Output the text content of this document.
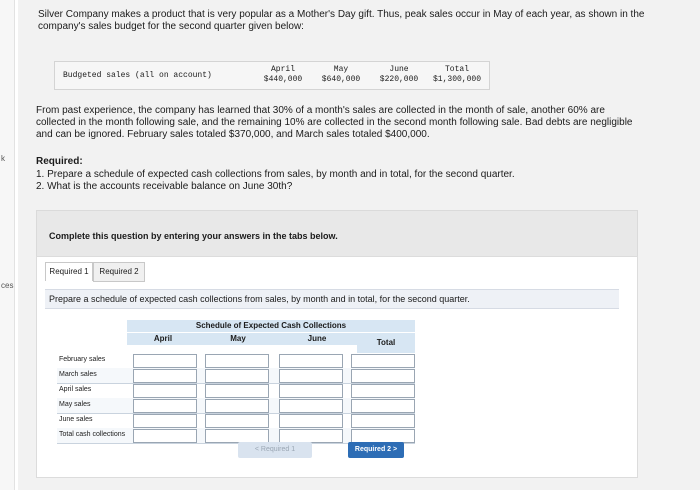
k
ces
Silver Company makes a product that is very popular as a Mother's Day gift. Thus, peak sales occur in May of each year, as shown in the company's sales budget for the second quarter given below:
Budgeted sales (all on account)
April
$440,000
May
$640,000
June
$220,000
Total
$1,300,000
From past experience, the company has learned that 30% of a month's sales are collected in the month of sale, another 60% are collected in the month following sale, and the remaining 10% are collected in the second month following sale. Bad debts are negligible and can be ignored. February sales totaled $370,000, and March sales totaled $400,000.
Required:
1. Prepare a schedule of expected cash collections from sales, by month and in total, for the second quarter.
2. What is the accounts receivable balance on June 30th?
Complete this question by entering your answers in the tabs below.
Required 1	Required 2
Prepare a schedule of expected cash collections from sales, by month and in total, for the second quarter.
Schedule of Expected Cash Collections
April	May	June	Total
February sales
March sales
April sales
May sales
June sales
Total cash collections
< Required 1	Required 2 >
